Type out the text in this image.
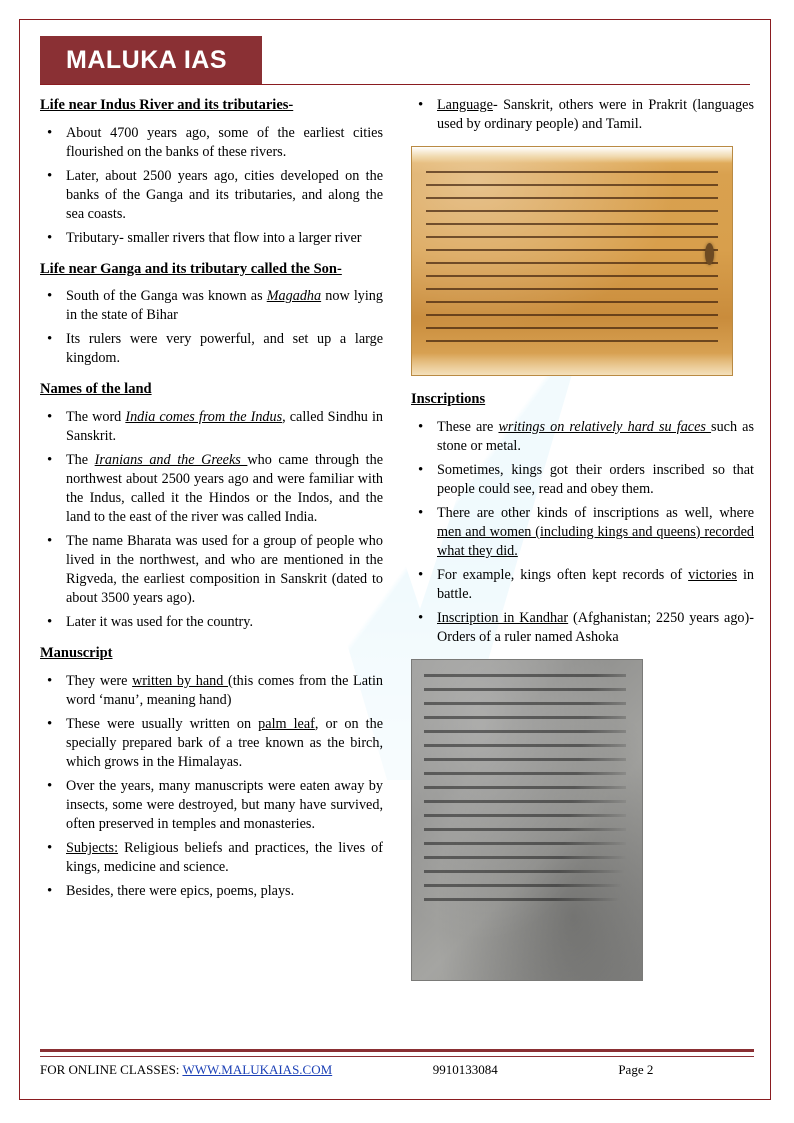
MALUKA IAS
Life near Indus River and its tributaries-
• About 4700 years ago, some of the earliest cities flourished on the banks of these rivers.
• Later, about 2500 years ago, cities developed on the banks of the Ganga and its tributaries, and along the sea coasts.
• Tributary- smaller rivers that flow into a larger river
Life near Ganga and its tributary called the Son-
• South of the Ganga was known as Magadha now lying in the state of Bihar
• Its rulers were very powerful, and set up a large kingdom.
Names of the land
• The word India comes from the Indus, called Sindhu in Sanskrit.
• The Iranians and the Greeks who came through the northwest about 2500 years ago and were familiar with the Indus, called it the Hindos or the Indos, and the land to the east of the river was called India.
• The name Bharata was used for a group of people who lived in the northwest, and who are mentioned in the Rigveda, the earliest composition in Sanskrit (dated to about 3500 years ago).
• Later it was used for the country.
Manuscript
• They were written by hand (this comes from the Latin word ‘manu’, meaning hand)
• These were usually written on palm leaf, or on the specially prepared bark of a tree known as the birch, which grows in the Himalayas.
• Over the years, many manuscripts were eaten away by insects, some were destroyed, but many have survived, often preserved in temples and monasteries.
• Subjects: Religious beliefs and practices, the lives of kings, medicine and science.
• Besides, there were epics, poems, plays.
• Language- Sanskrit, others were in Prakrit (languages used by ordinary people) and Tamil.
Inscriptions
• These are writings on relatively hard su faces such as stone or metal.
• Sometimes, kings got their orders inscribed so that people could see, read and obey them.
• There are other kinds of inscriptions as well, where men and women (including kings and queens) recorded what they did.
• For example, kings often kept records of victories in battle.
• Inscription in Kandhar (Afghanistan; 2250 years ago)- Orders of a ruler named Ashoka
FOR ONLINE CLASSES: WWW.MALUKAIAS.COM	9910133084	Page 2
